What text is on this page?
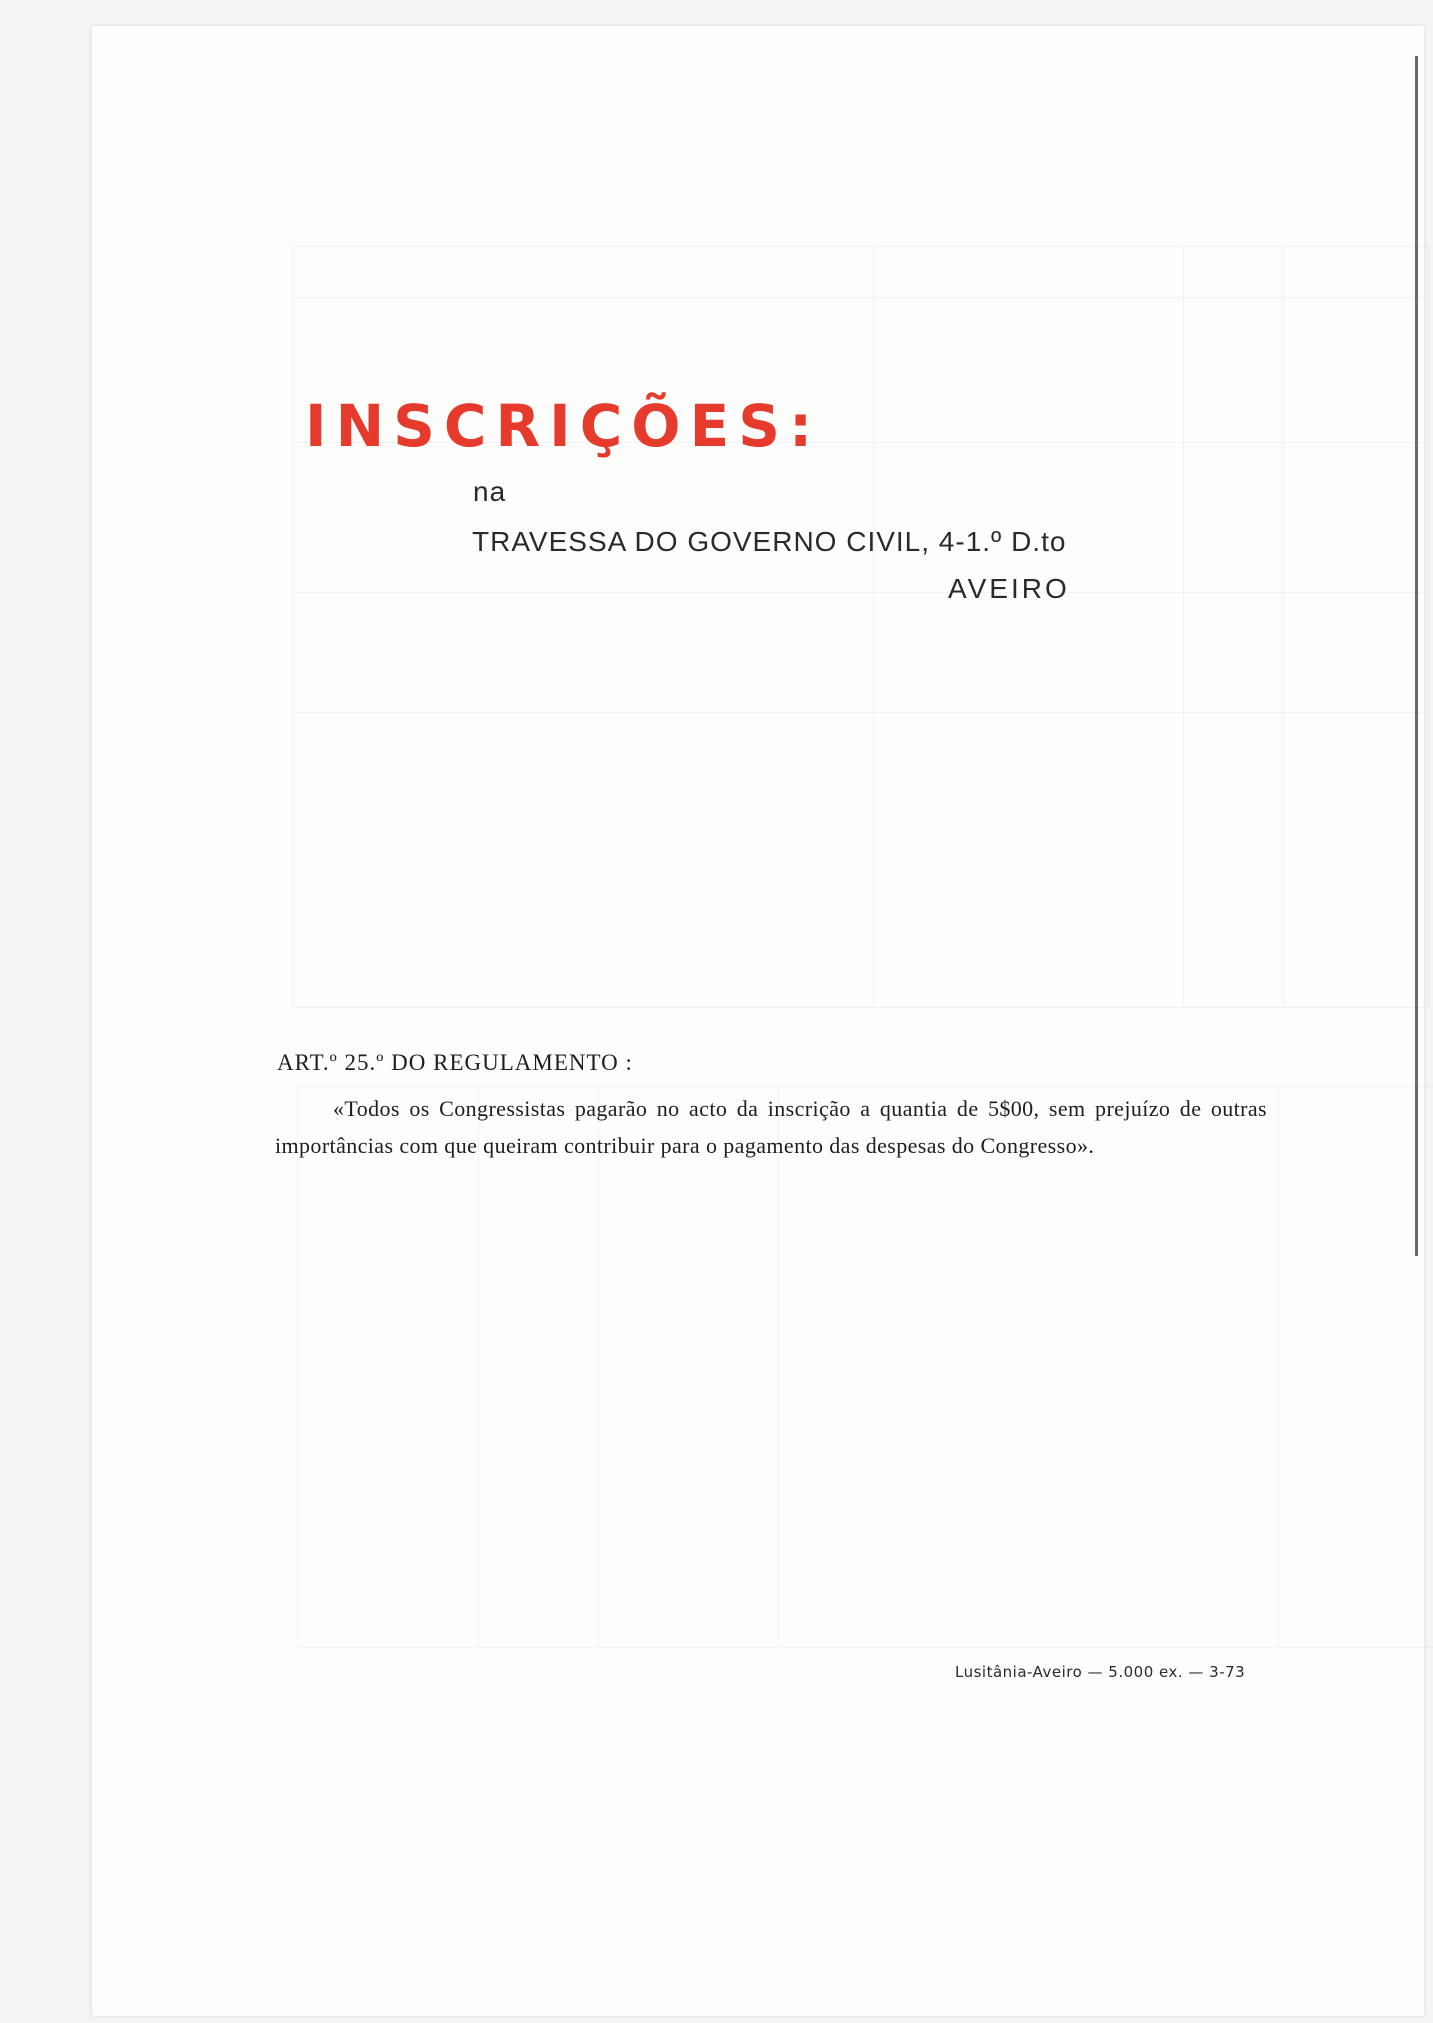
INSCRIÇÕES:
na
TRAVESSA DO GOVERNO CIVIL, 4-1.º D.to
AVEIRO
ART.º 25.º DO REGULAMENTO :

«Todos os Congressistas pagarão no acto da inscrição a quantia de 5$00, sem prejuízo de outras importâncias com que queiram contribuir para o pagamento das despesas do Congresso».

Lusitânia-Aveiro — 5.000 ex. — 3-73
